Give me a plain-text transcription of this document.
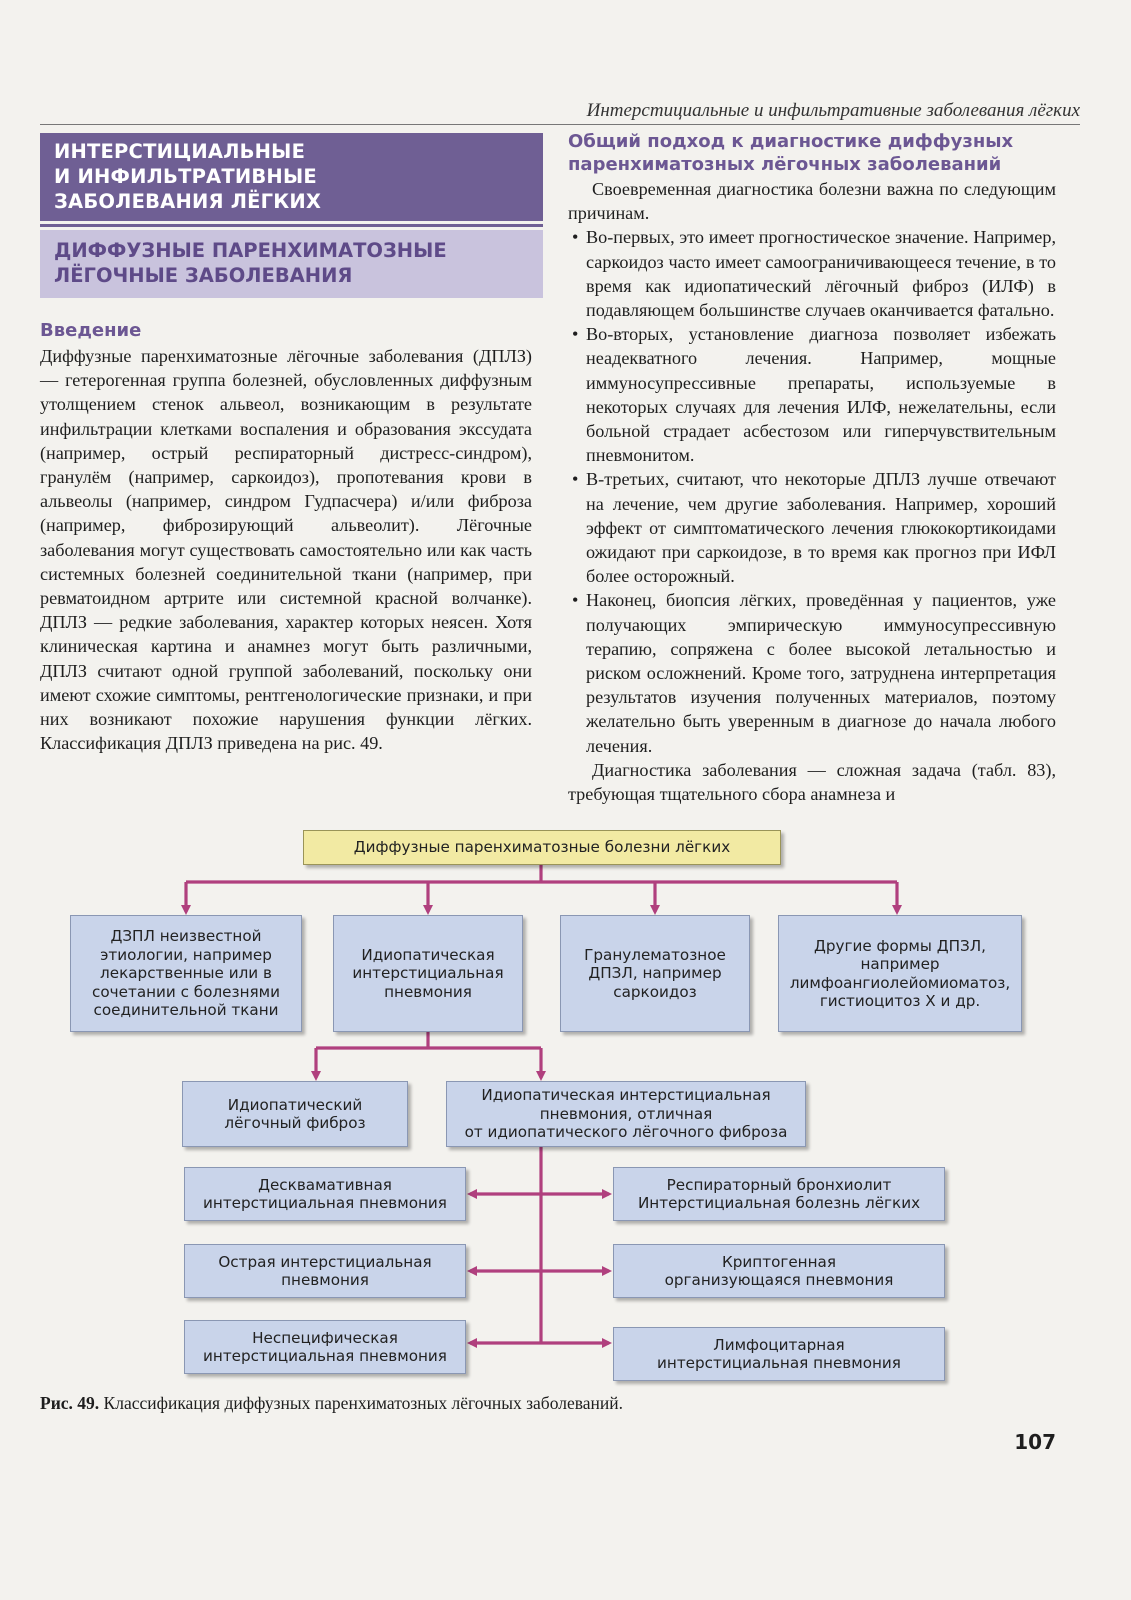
Интерстициальные и инфильтративные заболевания лёгких
ИНТЕРСТИЦИАЛЬНЫЕ
И ИНФИЛЬТРАТИВНЫЕ
ЗАБОЛЕВАНИЯ ЛЁГКИХ
ДИФФУЗНЫЕ ПАРЕНХИМАТОЗНЫЕ
ЛЁГОЧНЫЕ ЗАБОЛЕВАНИЯ
Введение
Диффузные паренхиматозные лёгочные заболевания (ДПЛЗ) — гетерогенная группа болезней, обусловленных диффузным утолщением стенок альвеол, возникающим в результате инфильтрации клетками воспаления и образования экссудата (например, острый респираторный дистресс-синдром), гранулём (например, саркоидоз), пропотевания крови в альвеолы (например, синдром Гудпасчера) и/или фиброза (например, фиброзирующий альвеолит). Лёгочные заболевания могут существовать самостоятельно или как часть системных болезней соединительной ткани (например, при ревматоидном артрите или системной красной волчанке). ДПЛЗ — редкие заболевания, характер которых неясен. Хотя клиническая картина и анамнез могут быть различными, ДПЛЗ считают одной группой заболеваний, поскольку они имеют схожие симптомы, рентгенологические признаки, и при них возникают похожие нарушения функции лёгких. Классификация ДПЛЗ приведена на рис. 49.
Общий подход к диагностике диффузных паренхиматозных лёгочных заболеваний

Своевременная диагностика болезни важна по следующим причинам.

• Во-первых, это имеет прогностическое значение. Например, саркоидоз часто имеет самоограничивающееся течение, в то время как идиопатический лёгочный фиброз (ИЛФ) в подавляющем большинстве случаев оканчивается фатально.
• Во-вторых, установление диагноза позволяет избежать неадекватного лечения. Например, мощные иммуносупрессивные препараты, используемые в некоторых случаях для лечения ИЛФ, нежелательны, если больной страдает асбестозом или гиперчувствительным пневмонитом.
• В-третьих, считают, что некоторые ДПЛЗ лучше отвечают на лечение, чем другие заболевания. Например, хороший эффект от симптоматического лечения глюкокортикоидами ожидают при саркоидозе, в то время как прогноз при ИФЛ более осторожный.
• Наконец, биопсия лёгких, проведённая у пациентов, уже получающих эмпирическую иммуносупрессивную терапию, сопряжена с более высокой летальностью и риском осложнений. Кроме того, затруднена интерпретация результатов изучения полученных материалов, поэтому желательно быть уверенным в диагнозе до начала любого лечения.

Диагностика заболевания — сложная задача (табл. 83), требующая тщательного сбора анамнеза и

Диффузные паренхиматозные болезни лёгких
ДЗПЛ неизвестной
этиологии, например
лекарственные или в
сочетании с болезнями
соединительной ткани
Идиопатическая
интерстициальная
пневмония
Гранулематозное
ДПЗЛ, например
саркоидоз
Другие формы ДПЗЛ,
например
лимфоангиолейомиоматоз,
гистиоцитоз Х и др.
Идиопатический
лёгочный фиброз
Идиопатическая интерстициальная
пневмония, отличная
от идиопатического лёгочного фиброза
Десквамативная
интерстициальная пневмония
Острая интерстициальная
пневмония
Неспецифическая
интерстициальная пневмония
Респираторный бронхиолит
Интерстициальная болезнь лёгких
Криптогенная
организующаяся пневмония
Лимфоцитарная
интерстициальная пневмония
Рис. 49. Классификация диффузных паренхиматозных лёгочных заболеваний.
107
